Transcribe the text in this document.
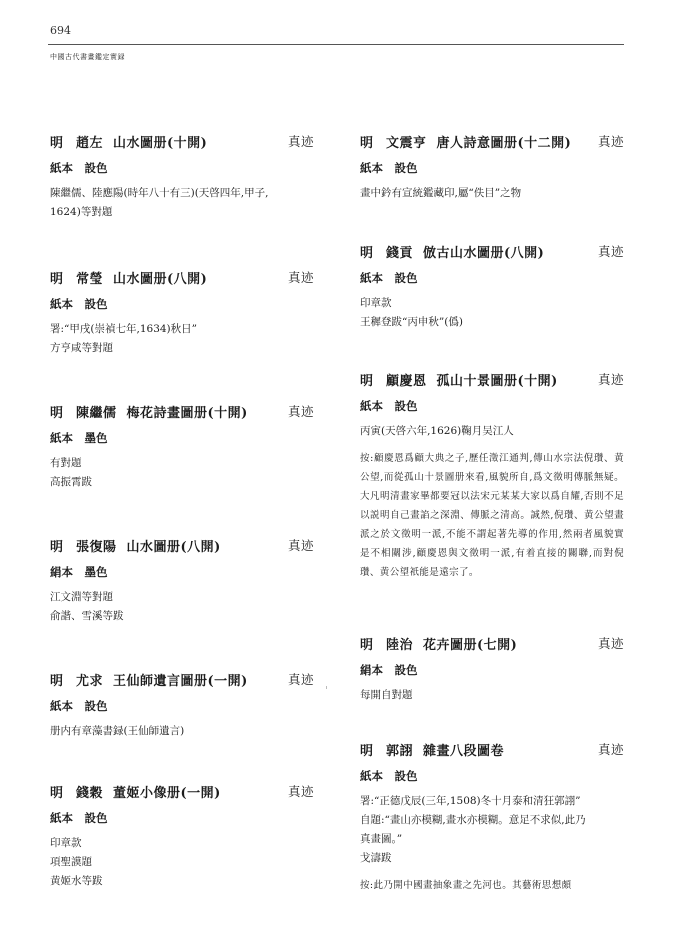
694
中國古代書畫鑑定實録
明 趙左 山水圖册(十開)	真迹
紙本　設色
陳繼儒、陸應陽(時年八十有三)(天啓四年,甲子,
1624)等對題
明 常瑩 山水圖册(八開)	真迹
紙本　設色
署:“甲戌(崇禎七年,1634)秋日”
方亨咸等對題
明 陳繼儒 梅花詩畫圖册(十開)	真迹
紙本　墨色
有對題
高振霄跋
明 張復陽 山水圖册(八開)	真迹
絹本　墨色
江文淵等對題
俞諧、雪溪等跋
明 尤求 王仙師遺言圖册(一開)	真迹
紙本　設色
册内有章藻書録(王仙師遺言)
明 錢穀 董姬小像册(一開)	真迹
紙本　設色
印章款
項聖謨題
黄姬水等跋
明 文震亨 唐人詩意圖册(十二開) 真迹
紙本　設色
畫中鈐有宣統鑑藏印,屬“佚目”之物
明 錢貢 倣古山水圖册(八開)	真迹
紙本　設色
印章款
王穉登跋“丙申秋”(僞)
明 顧慶恩 孤山十景圖册(十開)	真迹
紙本　設色
丙寅(天啓六年,1626)鞠月吴江人
按:顧慶恩爲顧大典之子,歷任澂江通判,傳山水宗法倪瓚、黄公望,而從孤山十景圖册來看,風貌所自,爲文徵明傳脈無疑。大凡明清畫家畢都要冠以法宋元某某大家以爲自耀,否則不足以説明自己畫諂之深淵、傳脈之清高。誠然,倪瓚、黄公望畫派之於文徵明一派,不能不謂起著先導的作用,然兩者風貌實是不相關涉,顧慶恩與文徵明一派,有着直接的關聯,而對倪瓚、黄公望祇能是遠宗了。
明 陸治 花卉圖册(七開)	真迹
絹本　設色
每開自對題
明 郭詡 雜畫八段圖卷	真迹
紙本　設色
署:“正德戊辰(三年,1508)冬十月泰和清狂郭詡”
自題:“畫山亦模糊,畫水亦模糊。意足不求似,此乃
真畫圖。”
戈濤跋
按:此乃開中國畫抽象畫之先河也。其藝術思想頗
